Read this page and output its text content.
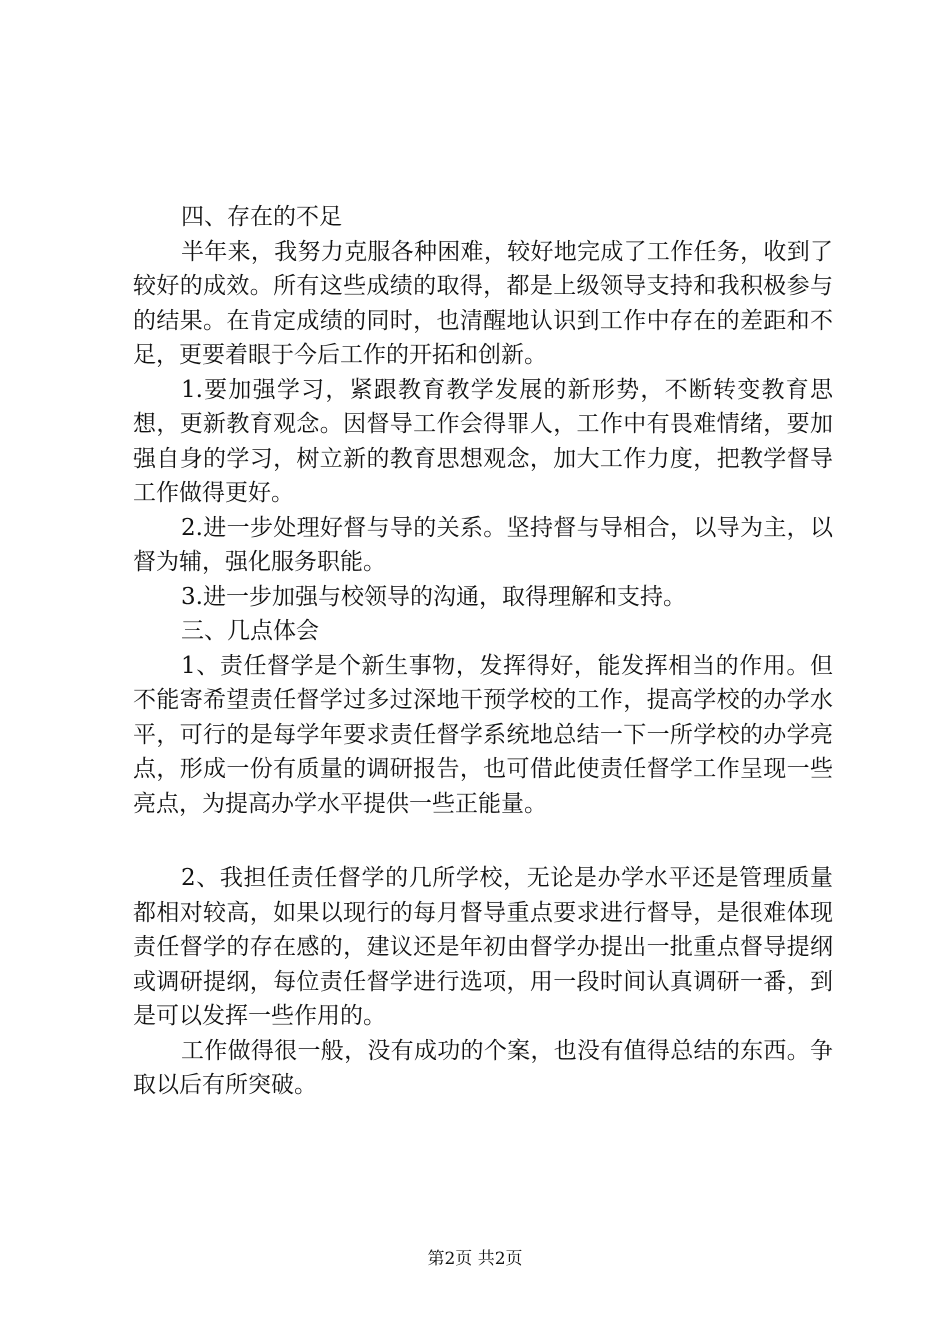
四、存在的不足

半年来，我努力克服各种困难，较好地完成了工作任务，收到了较好的成效。所有这些成绩的取得，都是上级领导支持和我积极参与的结果。在肯定成绩的同时，也清醒地认识到工作中存在的差距和不足，更要着眼于今后工作的开拓和创新。

1.要加强学习，紧跟教育教学发展的新形势，不断转变教育思想，更新教育观念。因督导工作会得罪人，工作中有畏难情绪，要加强自身的学习，树立新的教育思想观念，加大工作力度，把教学督导工作做得更好。

2.进一步处理好督与导的关系。坚持督与导相合，以导为主，以督为辅，强化服务职能。

3.进一步加强与校领导的沟通，取得理解和支持。

三、几点体会

1、责任督学是个新生事物，发挥得好，能发挥相当的作用。但不能寄希望责任督学过多过深地干预学校的工作，提高学校的办学水平，可行的是每学年要求责任督学系统地总结一下一所学校的办学亮点，形成一份有质量的调研报告，也可借此使责任督学工作呈现一些亮点，为提高办学水平提供一些正能量。

2、我担任责任督学的几所学校，无论是办学水平还是管理质量都相对较高，如果以现行的每月督导重点要求进行督导，是很难体现责任督学的存在感的，建议还是年初由督学办提出一批重点督导提纲或调研提纲，每位责任督学进行选项，用一段时间认真调研一番，到是可以发挥一些作用的。

工作做得很一般，没有成功的个案，也没有值得总结的东西。争取以后有所突破。

第2页 共2页
